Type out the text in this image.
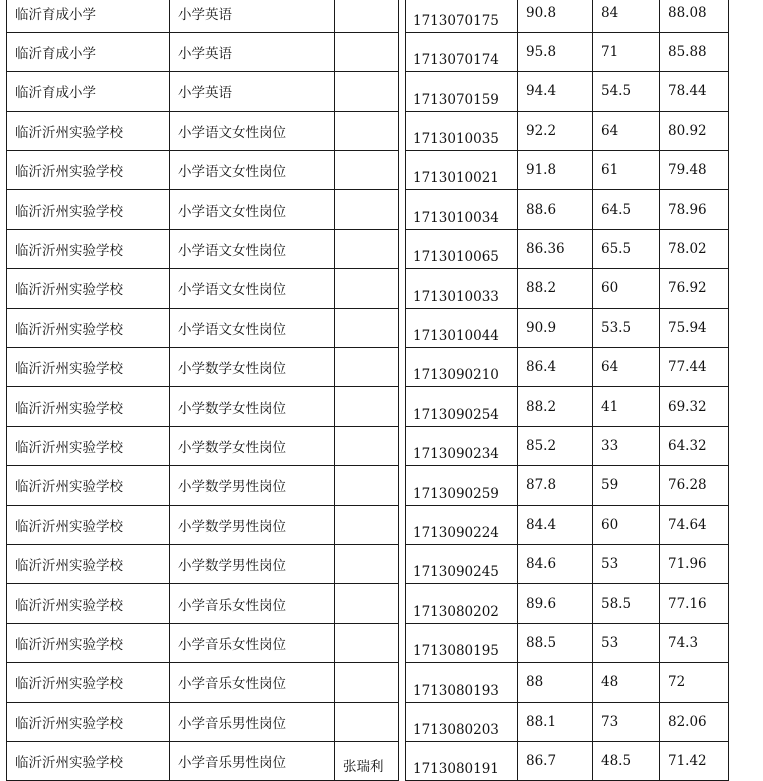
临沂育成小学	小学英语			1713070175	90.8	84	88.08
临沂育成小学	小学英语			1713070174	95.8	71	85.88
临沂育成小学	小学英语			1713070159	94.4	54.5	78.44
临沂沂州实验学校	小学语文女性岗位			1713010035	92.2	64	80.92
临沂沂州实验学校	小学语文女性岗位			1713010021	91.8	61	79.48
临沂沂州实验学校	小学语文女性岗位			1713010034	88.6	64.5	78.96
临沂沂州实验学校	小学语文女性岗位			1713010065	86.36	65.5	78.02
临沂沂州实验学校	小学语文女性岗位			1713010033	88.2	60	76.92
临沂沂州实验学校	小学语文女性岗位			1713010044	90.9	53.5	75.94
临沂沂州实验学校	小学数学女性岗位			1713090210	86.4	64	77.44
临沂沂州实验学校	小学数学女性岗位			1713090254	88.2	41	69.32
临沂沂州实验学校	小学数学女性岗位			1713090234	85.2	33	64.32
临沂沂州实验学校	小学数学男性岗位			1713090259	87.8	59	76.28
临沂沂州实验学校	小学数学男性岗位			1713090224	84.4	60	74.64
临沂沂州实验学校	小学数学男性岗位			1713090245	84.6	53	71.96
临沂沂州实验学校	小学音乐女性岗位			1713080202	89.6	58.5	77.16
临沂沂州实验学校	小学音乐女性岗位			1713080195	88.5	53	74.3
临沂沂州实验学校	小学音乐女性岗位			1713080193	88	48	72
临沂沂州实验学校	小学音乐男性岗位			1713080203	88.1	73	82.06
临沂沂州实验学校	小学音乐男性岗位	张瑞利		1713080191	86.7	48.5	71.42
